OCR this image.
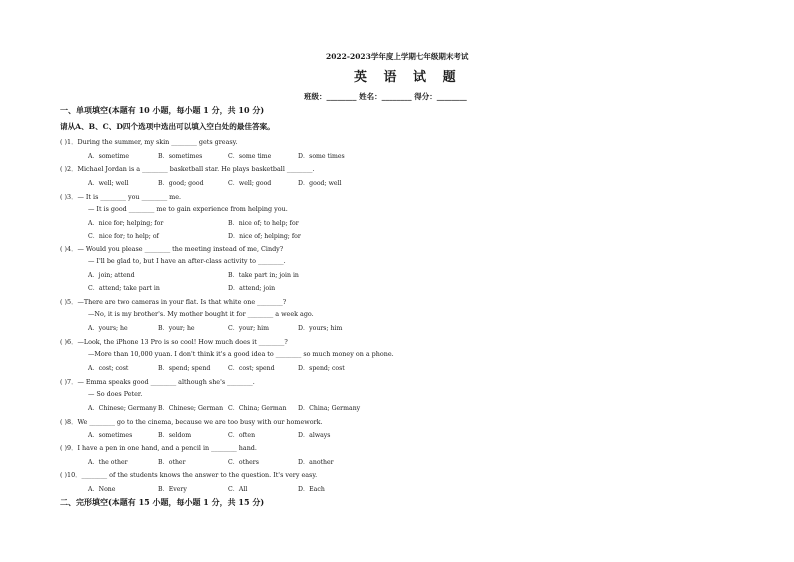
2022-2023学年度上学期七年级期末考试
英 语 试 题
班级：________ 姓名：________ 得分：________
一、单项填空(本题有 10 小题，每小题 1 分，共 10 分)
请从A、B、C、D四个选项中选出可以填入空白处的最佳答案。
( )1．During the summer, my skin ________ gets greasy.
A．sometime	B．sometimes	C．some time	D．some times
( )2．Michael Jordan is a ________ basketball star. He plays basketball ________.
A．well; well	B．good; good	C．well; good	D．good; well
( )3．— It is ________ you ________ me.
— It is good ________ me to gain experience from helping you.
A．nice for; helping; for	B．nice of; to help; for
C．nice for; to help; of	D．nice of; helping; for
( )4．— Would you please ________ the meeting instead of me, Cindy?
— I'll be glad to, but I have an after-class activity to ________.
A．join; attend	B．take part in; join in
C．attend; take part in	D．attend; join
( )5．—There are two cameras in your flat. Is that white one ________?
—No, it is my brother's. My mother bought it for ________ a week ago.
A．yours; he	B．your; he	C．your; him	D．yours; him
( )6．—Look, the iPhone 13 Pro is so cool! How much does it ________?
—More than 10,000 yuan. I don't think it's a good idea to ________ so much money on a phone.
A．cost; cost	B．spend; spend	C．cost; spend	D．spend; cost
( )7．— Emma speaks good ________ although she's ________.
— So does Peter.
A．Chinese; Germany B．Chinese; German C．China; German D．China; Germany
( )8．We ________ go to the cinema, because we are too busy with our homework.
A．sometimes	B．seldom	C．often	D．always
( )9．I have a pen in one hand, and a pencil in ________ hand.
A．the other	B．other	C．others	D．another
( )10．________ of the students knows the answer to the question. It's very easy.
A．None	B．Every	C．All	D．Each
二、完形填空(本题有 15 小题，每小题 1 分，共 15 分)
